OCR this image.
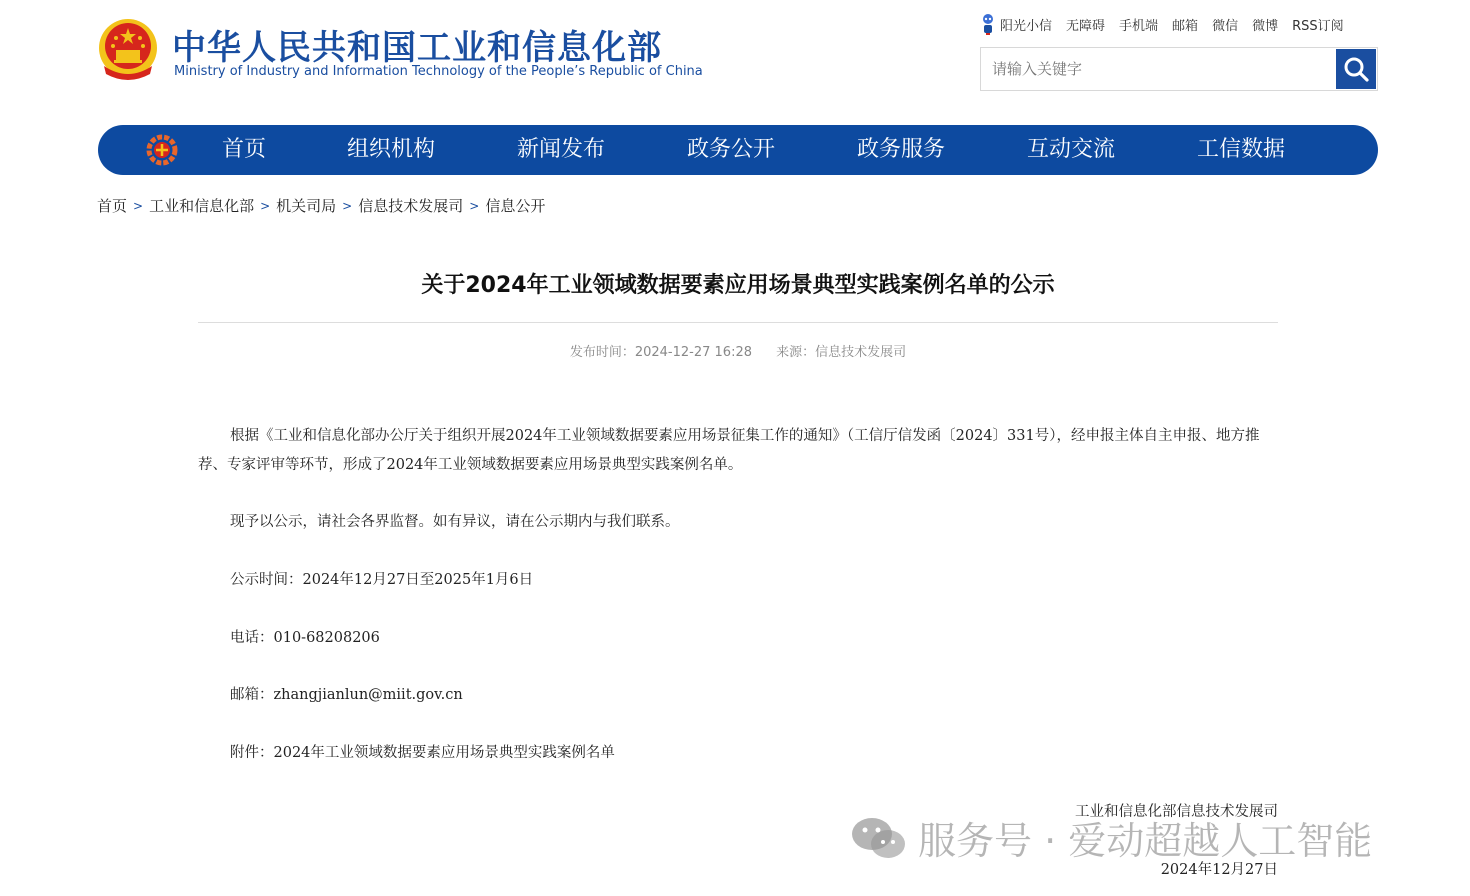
中华人民共和国工业和信息化部
Ministry of Industry and Information Technology of the People’s Republic of China
阳光小信 无障碍 手机端 邮箱 微信 微博 RSS订阅
请输入关键字
首页	组织机构	新闻发布	政务公开	政务服务	互动交流	工信数据
首页 > 工业和信息化部 > 机关司局 > 信息技术发展司 > 信息公开
关于2024年工业领域数据要素应用场景典型实践案例名单的公示
发布时间：2024-12-27 16:28 来源：信息技术发展司

根据《工业和信息化部办公厅关于组织开展2024年工业领域数据要素应用场景征集工作的通知》（工信厅信发函〔2024〕331号），经申报主体自主申报、地方推荐、专家评审等环节，形成了2024年工业领域数据要素应用场景典型实践案例名单。

现予以公示，请社会各界监督。如有异议，请在公示期内与我们联系。

公示时间：2024年12月27日至2025年1月6日

电话：010-68208206

邮箱：zhangjianlun@miit.gov.cn

附件：2024年工业领域数据要素应用场景典型实践案例名单

工业和信息化部信息技术发展司
2024年12月27日
服务号 · 爱动超越人工智能
